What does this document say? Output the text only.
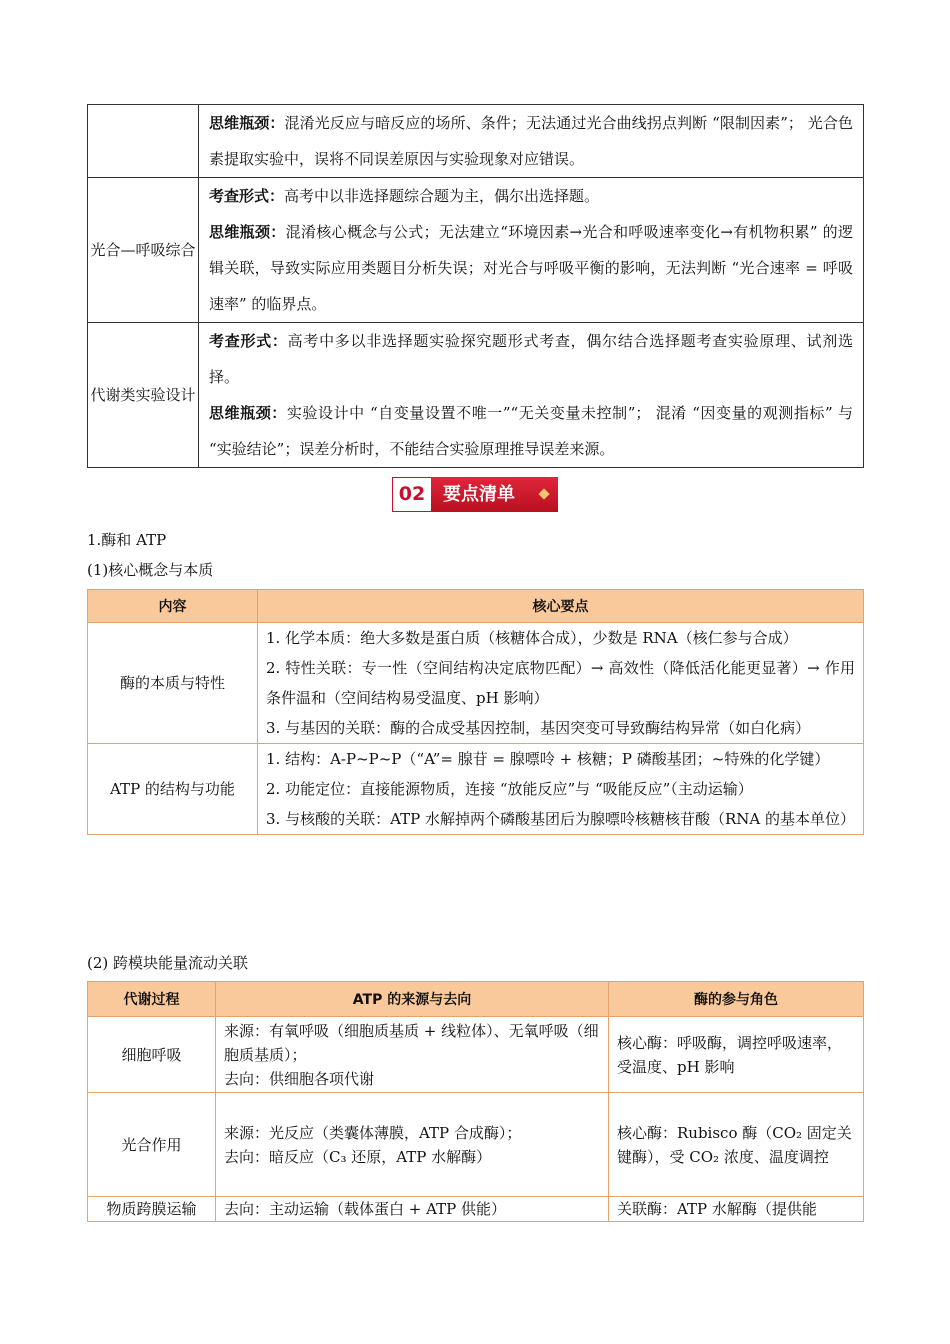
	思维瓶颈：混淆光反应与暗反应的场所、条件；无法通过光合曲线拐点判断 “限制因素”； 光合色素提取实验中，误将不同误差原因与实验现象对应错误。
光合—呼吸综合	考查形式：高考中以非选择题综合题为主，偶尔出选择题。
思维瓶颈：混淆核心概念与公式；无法建立“环境因素→光合和呼吸速率变化→有机物积累” 的逻辑关联，导致实际应用类题目分析失误；对光合与呼吸平衡的影响，无法判断 “光合速率 = 呼吸速率” 的临界点。

代谢类实验设计	考查形式：高考中多以非选择题实验探究题形式考查，偶尔结合选择题考查实验原理、试剂选择。
思维瓶颈：实验设计中 “自变量设置不唯一”“无关变量未控制”； 混淆 “因变量的观测指标” 与 “实验结论”；误差分析时，不能结合实验原理推导误差来源。
02 要点清单
1.酶和 ATP
(1)核心概念与本质
内容	核心要点
酶的本质与特性	1. 化学本质：绝大多数是蛋白质（核糖体合成），少数是 RNA（核仁参与合成）
2. 特性关联：专一性（空间结构决定底物匹配）→ 高效性（降低活化能更显著）→ 作用条件温和（空间结构易受温度、pH 影响）
3. 与基因的关联：酶的合成受基因控制，基因突变可导致酶结构异常（如白化病）

ATP 的结构与功能	1. 结构：A-P~P~P（“A”= 腺苷 = 腺嘌呤 + 核糖；P 磷酸基团；~特殊的化学键）
2. 功能定位：直接能源物质，连接 “放能反应”与 “吸能反应”（主动运输）
3. 与核酸的关联：ATP 水解掉两个磷酸基团后为腺嘌呤核糖核苷酸（RNA 的基本单位）
(2) 跨模块能量流动关联
代谢过程	ATP 的来源与去向	酶的参与角色
细胞呼吸	来源：有氧呼吸（细胞质基质 + 线粒体）、无氧呼吸（细胞质基质）；
去向：供细胞各项代谢	核心酶：呼吸酶，调控呼吸速率，受温度、pH 影响
光合作用	来源：光反应（类囊体薄膜，ATP 合成酶）；
去向：暗反应（C₃ 还原，ATP 水解酶）	核心酶：Rubisco 酶（CO₂ 固定关键酶），受 CO₂ 浓度、温度调控
物质跨膜运输	去向：主动运输（载体蛋白 + ATP 供能）	关联酶：ATP 水解酶（提供能
